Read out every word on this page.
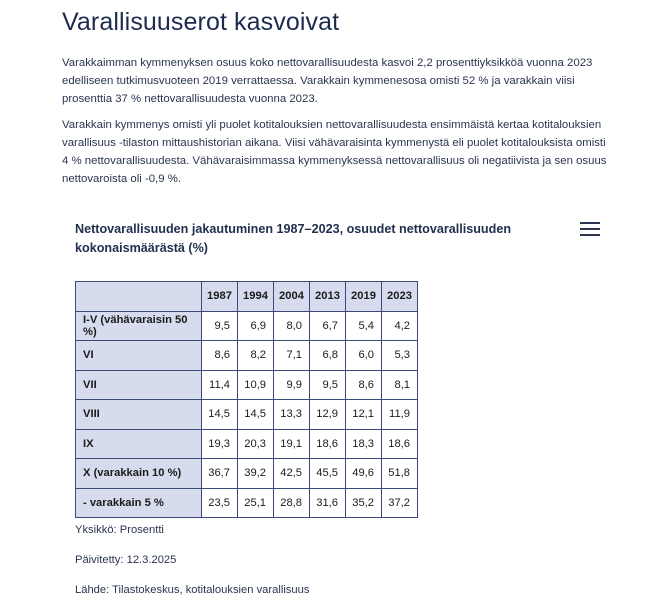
Varallisuuserot kasvoivat

Varakkaimman kymmenyksen osuus koko nettovarallisuudesta kasvoi 2,2 prosenttiyksikköä vuonna 2023 edelliseen tutkimusvuoteen 2019 verrattaessa. Varakkain kymmenesosa omisti 52 % ja varakkain viisi prosenttia 37 % nettovarallisuudesta vuonna 2023.

Varakkain kymmenys omisti yli puolet kotitalouksien nettovarallisuudesta ensimmäistä kertaa kotitalouksien varallisuus -tilaston mittaushistorian aikana. Viisi vähävaraisinta kymmenystä eli puolet kotitalouksista omisti 4 % nettovarallisuudesta. Vähävaraisimmassa kymmenyksessä nettovarallisuus oli negatiivista ja sen osuus nettovaroista oli -0,9 %.

Nettovarallisuuden jakautuminen 1987–2023, osuudet nettovarallisuuden kokonaismäärästä (%)

	1987	1994	2004	2013	2019	2023
I-V (vähävaraisin 50 %)	9,5	6,9	8,0	6,7	5,4	4,2
VI	8,6	8,2	7,1	6,8	6,0	5,3
VII	11,4	10,9	9,9	9,5	8,6	8,1
VIII	14,5	14,5	13,3	12,9	12,1	11,9
IX	19,3	20,3	19,1	18,6	18,3	18,6
X (varakkain 10 %)	36,7	39,2	42,5	45,5	49,6	51,8
- varakkain 5 %	23,5	25,1	28,8	31,6	35,2	37,2

Yksikkö: Prosentti

Päivitetty: 12.3.2025

Lähde: Tilastokeskus, kotitalouksien varallisuus
